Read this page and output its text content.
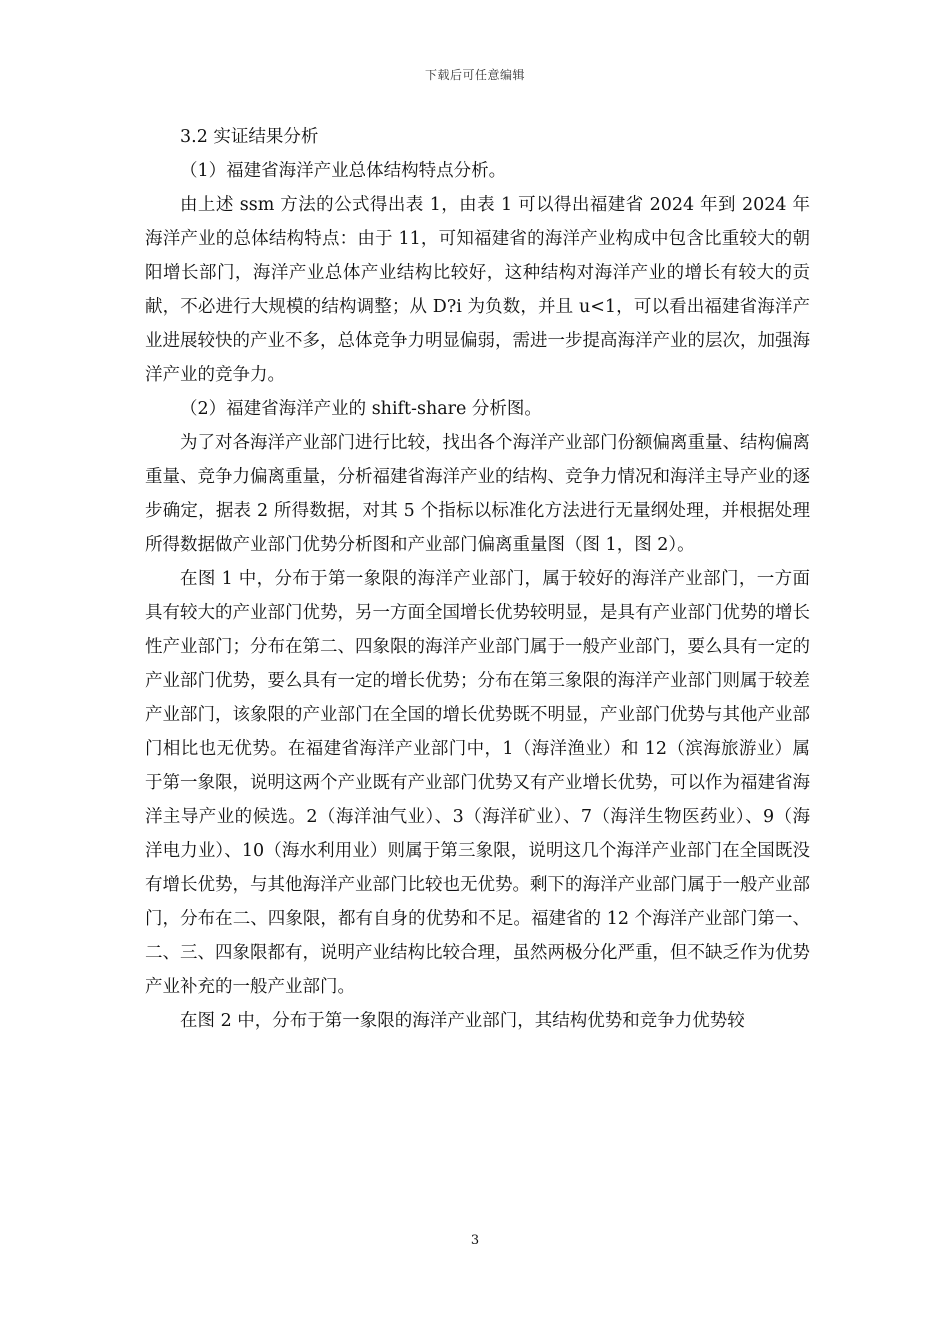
下载后可任意编辑

3.2 实证结果分析

（1）福建省海洋产业总体结构特点分析。

由上述 ssm 方法的公式得出表 1，由表 1 可以得出福建省 2024 年到 2024 年海洋产业的总体结构特点：由于 11，可知福建省的海洋产业构成中包含比重较大的朝阳增长部门，海洋产业总体产业结构比较好，这种结构对海洋产业的增长有较大的贡献，不必进行大规模的结构调整；从 D?i 为负数，并且 u<1，可以看出福建省海洋产业进展较快的产业不多，总体竞争力明显偏弱，需进一步提高海洋产业的层次，加强海洋产业的竞争力。

（2）福建省海洋产业的 shift-share 分析图。

为了对各海洋产业部门进行比较，找出各个海洋产业部门份额偏离重量、结构偏离重量、竞争力偏离重量，分析福建省海洋产业的结构、竞争力情况和海洋主导产业的逐步确定，据表 2 所得数据，对其 5 个指标以标准化方法进行无量纲处理，并根据处理所得数据做产业部门优势分析图和产业部门偏离重量图（图 1，图 2）。

在图 1 中，分布于第一象限的海洋产业部门，属于较好的海洋产业部门，一方面具有较大的产业部门优势，另一方面全国增长优势较明显，是具有产业部门优势的增长性产业部门；分布在第二、四象限的海洋产业部门属于一般产业部门，要么具有一定的产业部门优势，要么具有一定的增长优势；分布在第三象限的海洋产业部门则属于较差产业部门，该象限的产业部门在全国的增长优势既不明显，产业部门优势与其他产业部门相比也无优势。在福建省海洋产业部门中，1（海洋渔业）和 12（滨海旅游业）属于第一象限，说明这两个产业既有产业部门优势又有产业增长优势，可以作为福建省海洋主导产业的候选。2（海洋油气业）、3（海洋矿业）、7（海洋生物医药业）、9（海洋电力业）、10（海水利用业）则属于第三象限，说明这几个海洋产业部门在全国既没有增长优势，与其他海洋产业部门比较也无优势。剩下的海洋产业部门属于一般产业部门，分布在二、四象限，都有自身的优势和不足。福建省的 12 个海洋产业部门第一、二、三、四象限都有，说明产业结构比较合理，虽然两极分化严重，但不缺乏作为优势产业补充的一般产业部门。

在图 2 中，分布于第一象限的海洋产业部门，其结构优势和竞争力优势较

3
